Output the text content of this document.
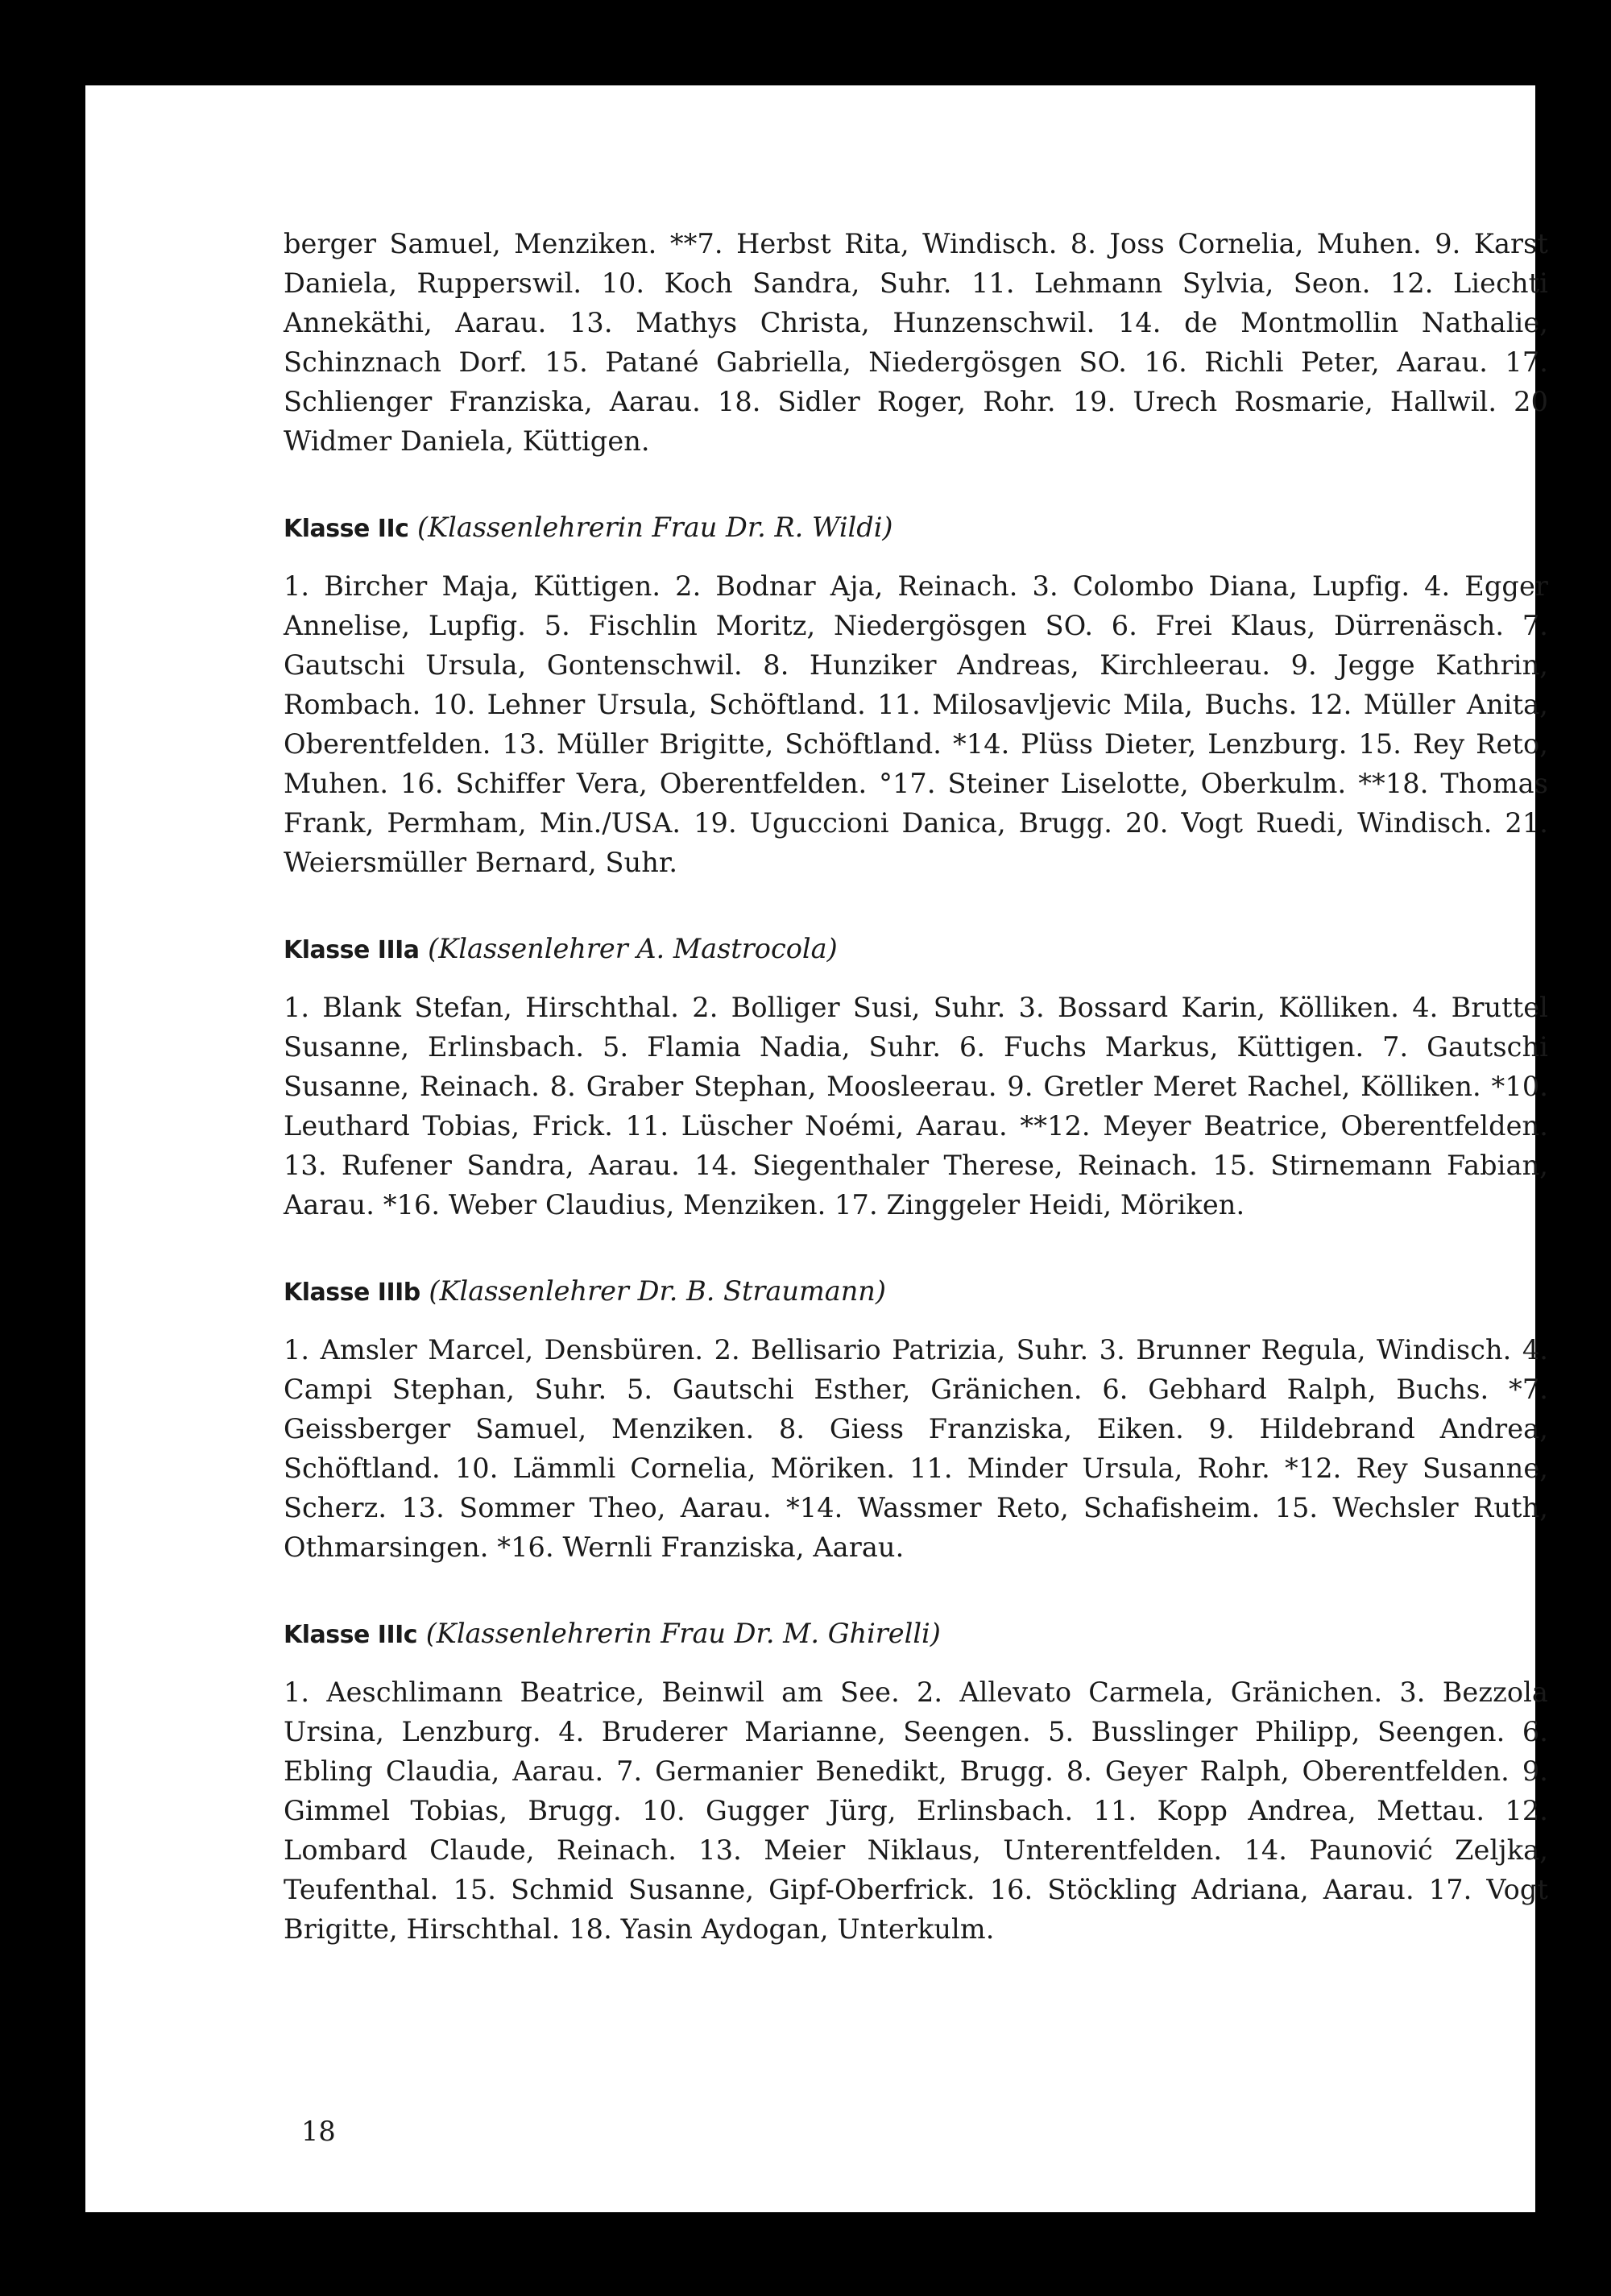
berger Samuel, Menziken. **7. Herbst Rita, Windisch. 8. Joss Cornelia, Muhen. 9. Karst Daniela, Rupperswil. 10. Koch Sandra, Suhr. 11. Lehmann Sylvia, Seon. 12. Liechti Annekäthi, Aarau. 13. Mathys Christa, Hunzenschwil. 14. de Montmollin Nathalie, Schinznach Dorf. 15. Patané Gabriella, Niedergösgen SO. 16. Richli Peter, Aarau. 17. Schlienger Franziska, Aarau. 18. Sidler Roger, Rohr. 19. Urech Rosmarie, Hallwil. 20 Widmer Daniela, Küttigen.

Klasse IIc (Klassenlehrerin Frau Dr. R. Wildi)

1. Bircher Maja, Küttigen. 2. Bodnar Aja, Reinach. 3. Colombo Diana, Lupfig. 4. Egger Annelise, Lupfig. 5. Fischlin Moritz, Niedergösgen SO. 6. Frei Klaus, Dürrenäsch. 7. Gautschi Ursula, Gontenschwil. 8. Hunziker Andreas, Kirchleerau. 9. Jegge Kathrin, Rombach. 10. Lehner Ursula, Schöftland. 11. Milosavljevic Mila, Buchs. 12. Müller Anita, Oberentfelden. 13. Müller Brigitte, Schöftland. *14. Plüss Dieter, Lenzburg. 15. Rey Reto, Muhen. 16. Schiffer Vera, Oberentfelden. °17. Steiner Liselotte, Oberkulm. **18. Thomas Frank, Permham, Min./USA. 19. Uguccioni Danica, Brugg. 20. Vogt Ruedi, Windisch. 21. Weiersmüller Bernard, Suhr.

Klasse IIIa (Klassenlehrer A. Mastrocola)

1. Blank Stefan, Hirschthal. 2. Bolliger Susi, Suhr. 3. Bossard Karin, Kölliken. 4. Bruttel Susanne, Erlinsbach. 5. Flamia Nadia, Suhr. 6. Fuchs Markus, Küttigen. 7. Gautschi Susanne, Reinach. 8. Graber Stephan, Moosleerau. 9. Gretler Meret Rachel, Kölliken. *10. Leuthard Tobias, Frick. 11. Lüscher Noémi, Aarau. **12. Meyer Beatrice, Oberentfelden. 13. Rufener Sandra, Aarau. 14. Siegenthaler Therese, Reinach. 15. Stirnemann Fabian, Aarau. *16. Weber Claudius, Menziken. 17. Zinggeler Heidi, Möriken.

Klasse IIIb (Klassenlehrer Dr. B. Straumann)

1. Amsler Marcel, Densbüren. 2. Bellisario Patrizia, Suhr. 3. Brunner Regula, Windisch. 4. Campi Stephan, Suhr. 5. Gautschi Esther, Gränichen. 6. Gebhard Ralph, Buchs. *7. Geissberger Samuel, Menziken. 8. Giess Franziska, Eiken. 9. Hildebrand Andrea, Schöftland. 10. Lämmli Cornelia, Möriken. 11. Minder Ursula, Rohr. *12. Rey Susanne, Scherz. 13. Sommer Theo, Aarau. *14. Wassmer Reto, Schafisheim. 15. Wechsler Ruth, Othmarsingen. *16. Wernli Franziska, Aarau.

Klasse IIIc (Klassenlehrerin Frau Dr. M. Ghirelli)

1. Aeschlimann Beatrice, Beinwil am See. 2. Allevato Carmela, Gränichen. 3. Bezzola Ursina, Lenzburg. 4. Bruderer Marianne, Seengen. 5. Busslinger Philipp, Seengen. 6. Ebling Claudia, Aarau. 7. Germanier Benedikt, Brugg. 8. Geyer Ralph, Oberentfelden. 9. Gimmel Tobias, Brugg. 10. Gugger Jürg, Erlinsbach. 11. Kopp Andrea, Mettau. 12. Lombard Claude, Reinach. 13. Meier Niklaus, Unterentfelden. 14. Paunović Zeljka, Teufenthal. 15. Schmid Susanne, Gipf-Oberfrick. 16. Stöckling Adriana, Aarau. 17. Vogt Brigitte, Hirschthal. 18. Yasin Aydogan, Unterkulm.

18
